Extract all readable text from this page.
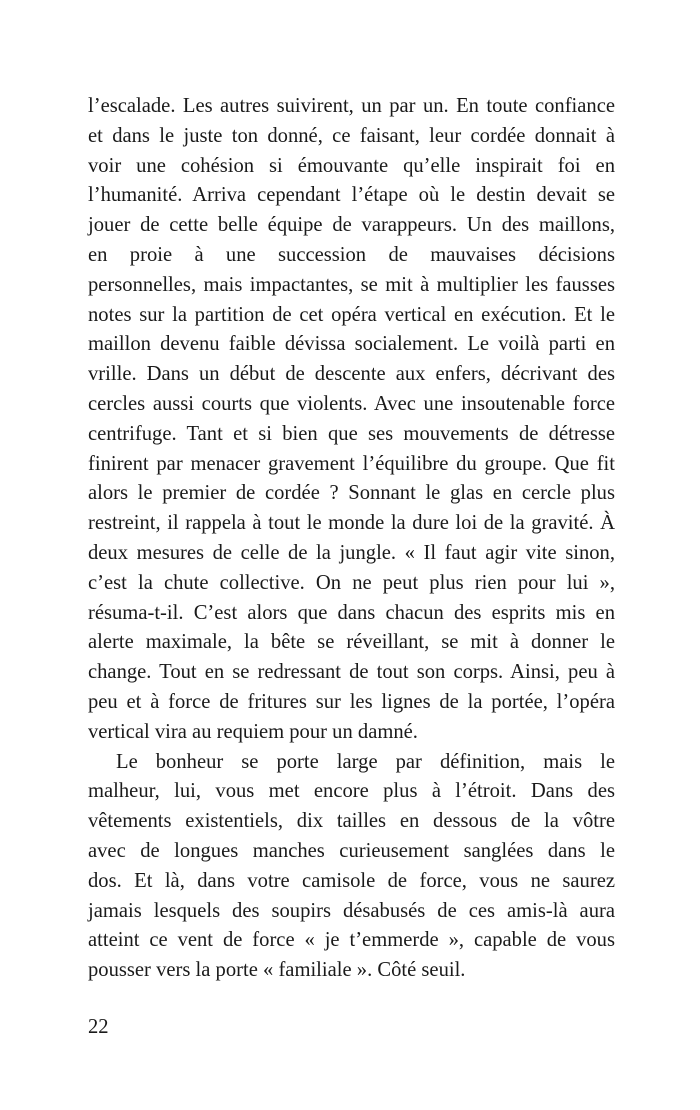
l’escalade. Les autres suivirent, un par un. En toute confiance
et dans le juste ton donné, ce faisant, leur cordée donnait à
voir une cohésion si émouvante qu’elle inspirait foi en
l’humanité. Arriva cependant l’étape où le destin devait se
jouer de cette belle équipe de varappeurs. Un des maillons,
en proie à une succession de mauvaises décisions
personnelles, mais impactantes, se mit à multiplier les fausses
notes sur la partition de cet opéra vertical en exécution. Et le
maillon devenu faible dévissa socialement. Le voilà parti en
vrille. Dans un début de descente aux enfers, décrivant des
cercles aussi courts que violents. Avec une insoutenable force
centrifuge. Tant et si bien que ses mouvements de détresse
finirent par menacer gravement l’équilibre du groupe. Que fit
alors le premier de cordée ? Sonnant le glas en cercle plus
restreint, il rappela à tout le monde la dure loi de la gravité. À
deux mesures de celle de la jungle. « Il faut agir vite sinon,
c’est la chute collective. On ne peut plus rien pour lui »,
résuma-t-il. C’est alors que dans chacun des esprits mis en
alerte maximale, la bête se réveillant, se mit à donner le
change. Tout en se redressant de tout son corps. Ainsi, peu à
peu et à force de fritures sur les lignes de la portée, l’opéra
vertical vira au requiem pour un damné.
Le bonheur se porte large par définition, mais le
malheur, lui, vous met encore plus à l’étroit. Dans des
vêtements existentiels, dix tailles en dessous de la vôtre
avec de longues manches curieusement sanglées dans le
dos. Et là, dans votre camisole de force, vous ne saurez
jamais lesquels des soupirs désabusés de ces amis-là aura
atteint ce vent de force « je t’emmerde », capable de vous
pousser vers la porte « familiale ». Côté seuil.
22
